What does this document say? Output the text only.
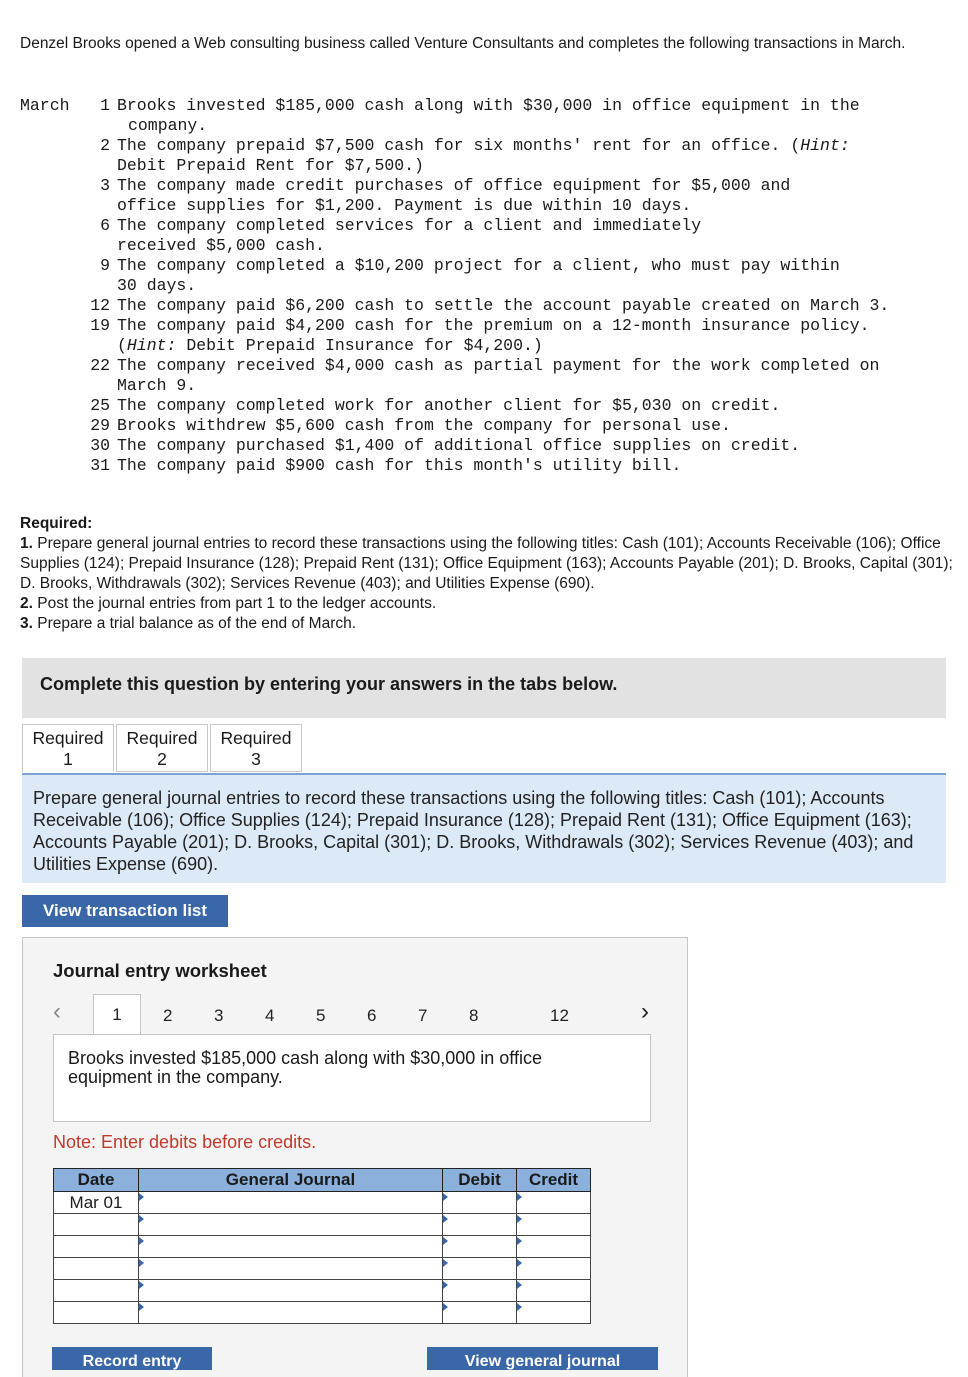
Denzel Brooks opened a Web consulting business called Venture Consultants and completes the following transactions in March.
March	1 Brooks invested $185,000 cash along with $30,000 in office equipment in the
company.
2 The company prepaid $7,500 cash for six months' rent for an office. (Hint:
Debit Prepaid Rent for $7,500.)
3 The company made credit purchases of office equipment for $5,000 and
office supplies for $1,200. Payment is due within 10 days.
6 The company completed services for a client and immediately
received $5,000 cash.
9 The company completed a $10,200 project for a client, who must pay within
30 days.
12 The company paid $6,200 cash to settle the account payable created on March 3.
19 The company paid $4,200 cash for the premium on a 12-month insurance policy.
(Hint: Debit Prepaid Insurance for $4,200.)
22 The company received $4,000 cash as partial payment for the work completed on
March 9.
25 The company completed work for another client for $5,030 on credit.
29 Brooks withdrew $5,600 cash from the company for personal use.
30 The company purchased $1,400 of additional office supplies on credit.
31 The company paid $900 cash for this month's utility bill.
Required:
1. Prepare general journal entries to record these transactions using the following titles: Cash (101); Accounts Receivable (106); Office Supplies (124); Prepaid Insurance (128); Prepaid Rent (131); Office Equipment (163); Accounts Payable (201); D. Brooks, Capital (301); D. Brooks, Withdrawals (302); Services Revenue (403); and Utilities Expense (690).
2. Post the journal entries from part 1 to the ledger accounts.
3. Prepare a trial balance as of the end of March.
Complete this question by entering your answers in the tabs below.
Required
1
Required
2
Required
3

Prepare general journal entries to record these transactions using the following titles: Cash (101); Accounts Receivable (106); Office Supplies (124); Prepaid Insurance (128); Prepaid Rent (131); Office Equipment (163); Accounts Payable (201); D. Brooks, Capital (301); D. Brooks, Withdrawals (302); Services Revenue (403); and Utilities Expense (690).

View transaction list
Journal entry worksheet
‹	1	2 3 4 5 6 7 8	12	›
Brooks invested $185,000 cash along with $30,000 in office equipment in the company.
Note: Enter debits before credits.
Date	General Journal	Debit	Credit
Mar 01	

Record entry	View general journal
